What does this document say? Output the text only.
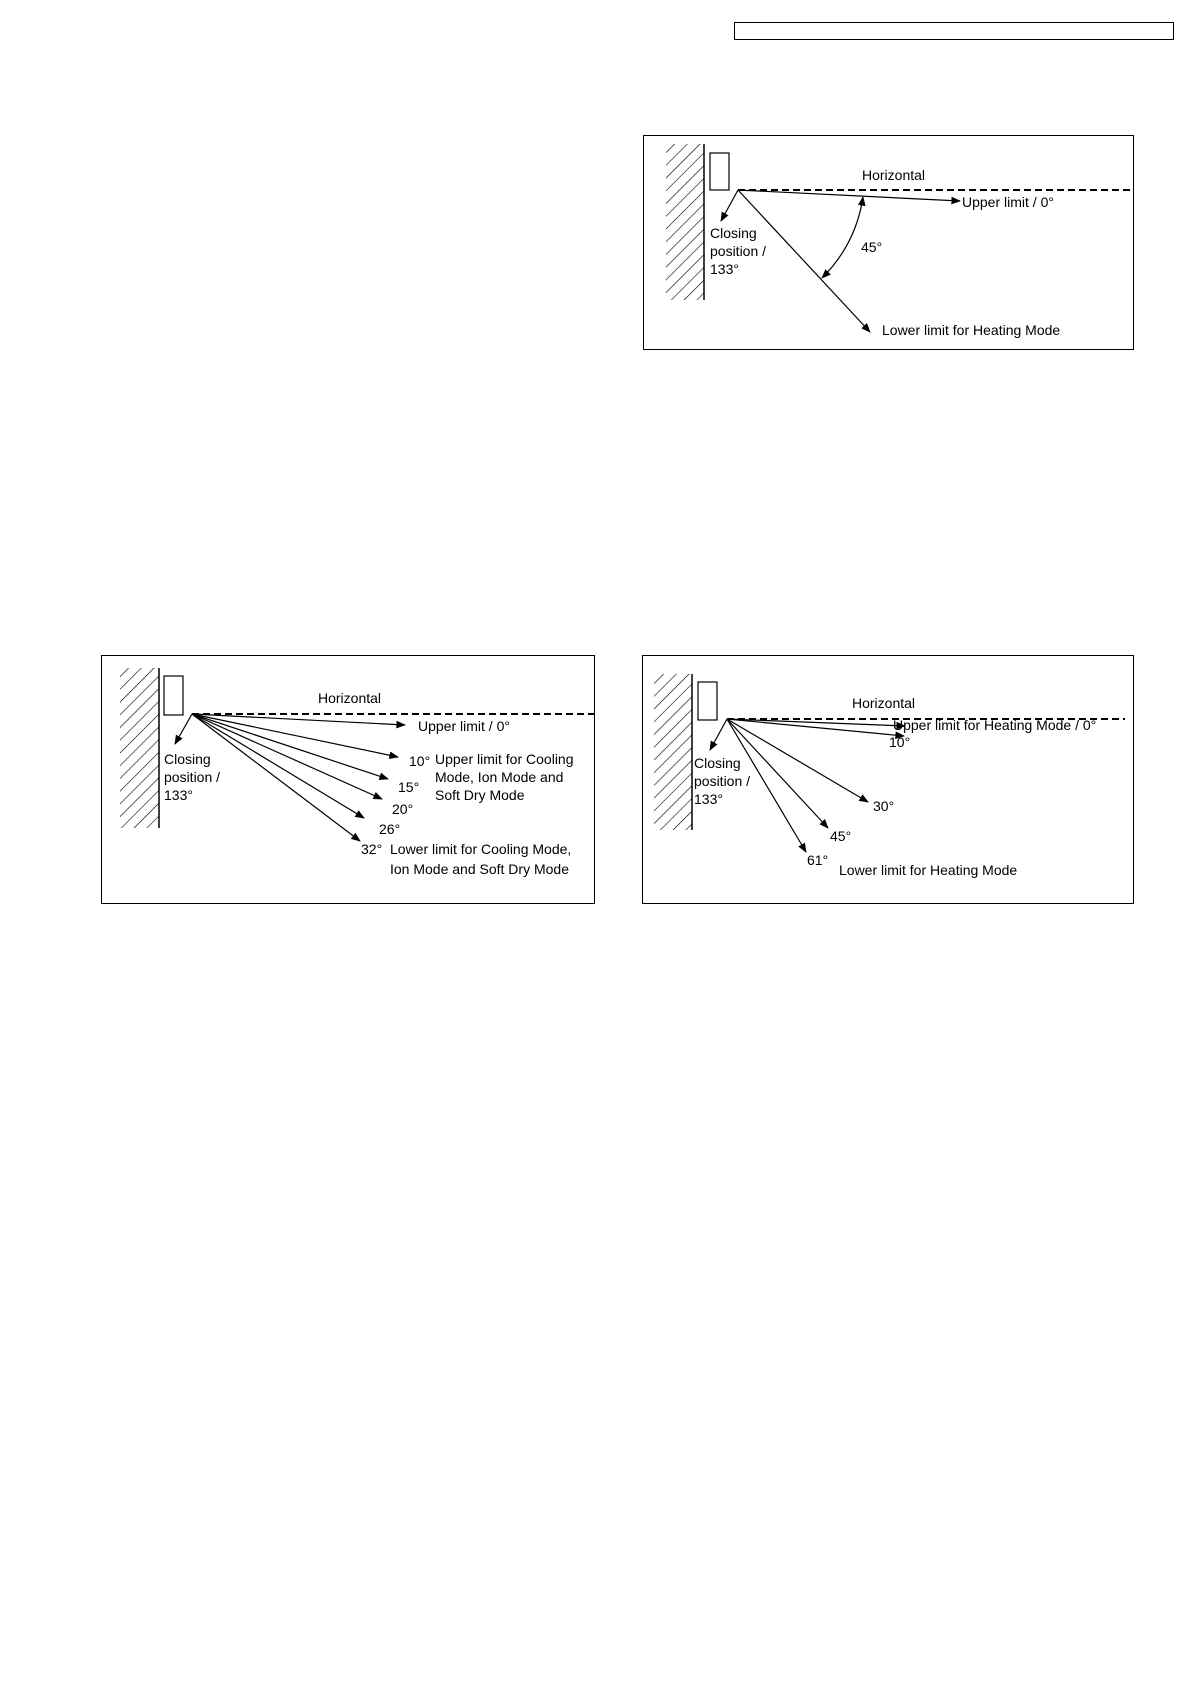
Horizontal
Upper limit / 0°
Closing
position /
133°
45°
Lower limit for Heating Mode
Horizontal
Upper limit / 0°
Closing
position /
133°
10°
15°
20°
26°
32°
Upper limit for Cooling
Mode, Ion Mode and
Soft Dry Mode
Lower limit for Cooling Mode,
Ion Mode and Soft Dry Mode
Horizontal
Upper limit for Heating Mode / 0°
Closing
position /
133°
10°
30°
45°
61°
Lower limit for Heating Mode
